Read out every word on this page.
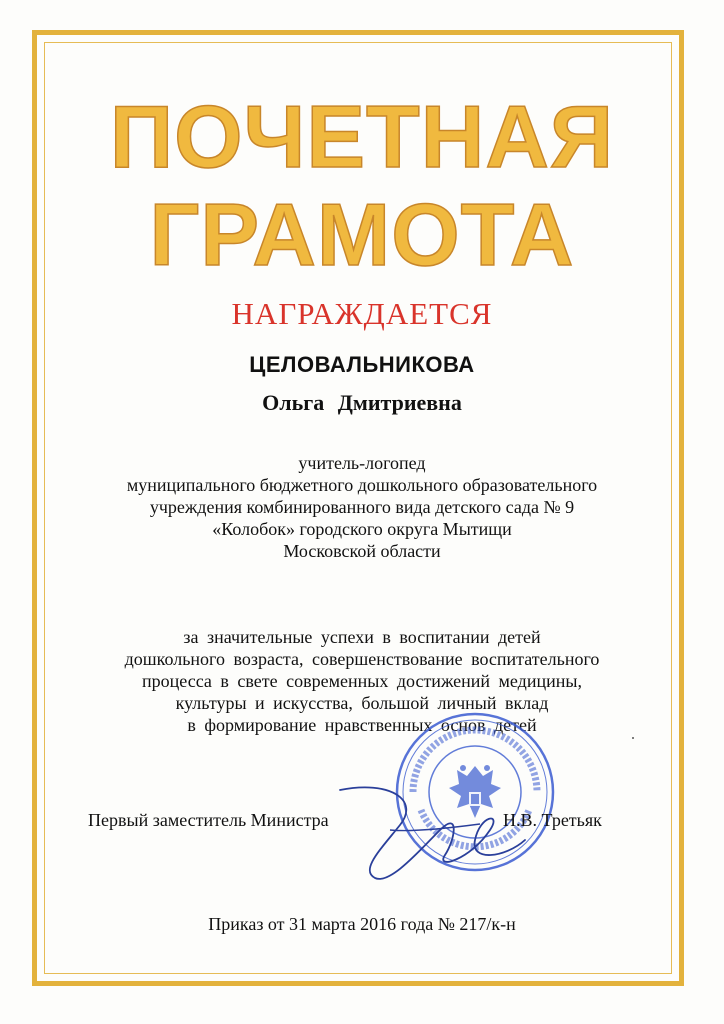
ПОЧЕТНАЯ
ГРАМОТА
НАГРАЖДАЕТСЯ
ЦЕЛОВАЛЬНИКОВА
Ольга Дмитриевна
учитель-логопед
муниципального бюджетного дошкольного образовательного
учреждения комбинированного вида детского сада № 9
«Колобок» городского округа Мытищи
Московской области
за значительные успехи в воспитании детей
дошкольного возраста, совершенствование воспитательного
процесса в свете современных достижений медицины,
культуры и искусства, большой личный вклад
в формирование нравственных основ детей
Первый заместитель Министра	Н.В. Третьяк
Приказ от 31 марта 2016 года № 217/к-н
